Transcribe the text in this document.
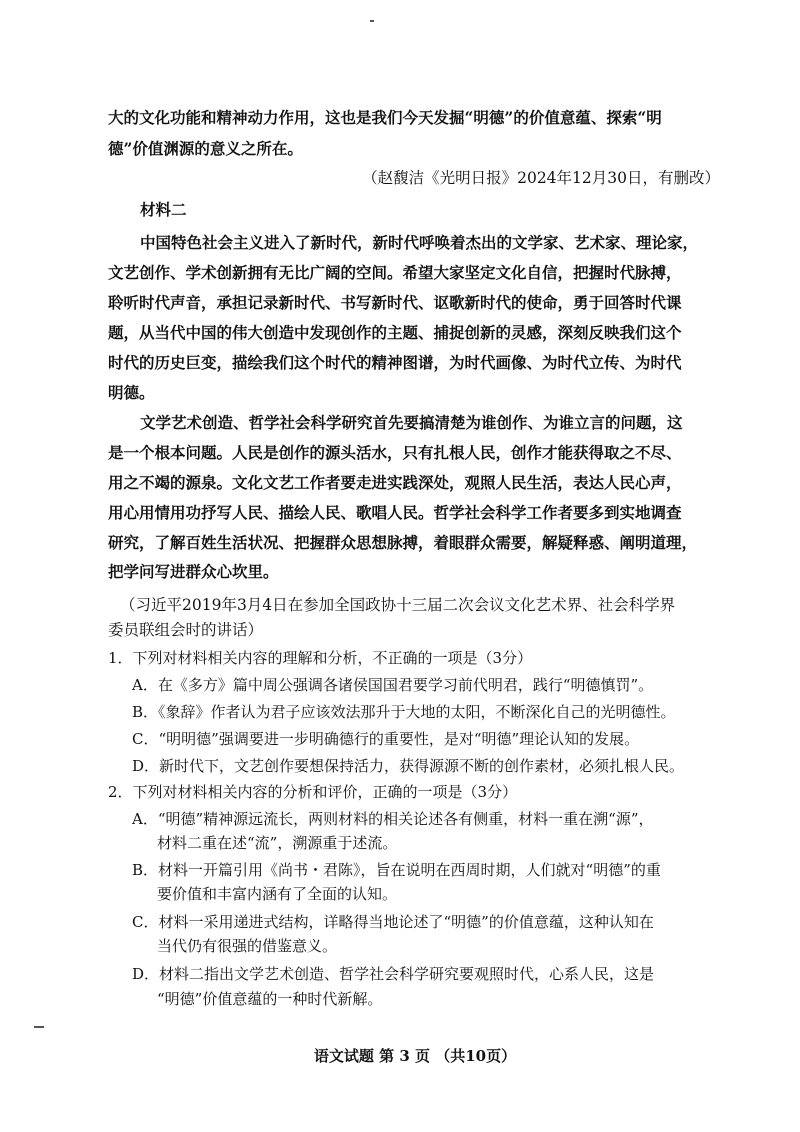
大的文化功能和精神动力作用，这也是我们今天发掘“明德”的价值意蕴、探索“明
德”价值渊源的意义之所在。
（赵馥洁《光明日报》2024年12月30日，有删改）
材料二
中国特色社会主义进入了新时代，新时代呼唤着杰出的文学家、艺术家、理论家，
文艺创作、学术创新拥有无比广阔的空间。希望大家坚定文化自信，把握时代脉搏，
聆听时代声音，承担记录新时代、书写新时代、讴歌新时代的使命，勇于回答时代课
题，从当代中国的伟大创造中发现创作的主题、捕捉创新的灵感，深刻反映我们这个
时代的历史巨变，描绘我们这个时代的精神图谱，为时代画像、为时代立传、为时代
明德。
文学艺术创造、哲学社会科学研究首先要搞清楚为谁创作、为谁立言的问题，这
是一个根本问题。人民是创作的源头活水，只有扎根人民，创作才能获得取之不尽、
用之不竭的源泉。文化文艺工作者要走进实践深处，观照人民生活，表达人民心声，
用心用情用功抒写人民、描绘人民、歌唱人民。哲学社会科学工作者要多到实地调查
研究，了解百姓生活状况、把握群众思想脉搏，着眼群众需要，解疑释惑、阐明道理，
把学问写进群众心坎里。
（习近平2019年3月4日在参加全国政协十三届二次会议文化艺术界、社会科学界
委员联组会时的讲话）
1．下列对材料相关内容的理解和分析，不正确的一项是（3分）
A．在《多方》篇中周公强调各诸侯国国君要学习前代明君，践行“明德慎罚”。
B．《象辞》作者认为君子应该效法那升于大地的太阳，不断深化自己的光明德性。
C．“明明德”强调要进一步明确德行的重要性，是对“明德”理论认知的发展。
D．新时代下，文艺创作要想保持活力，获得源源不断的创作素材，必须扎根人民。
2．下列对材料相关内容的分析和评价，正确的一项是（3分）
A．“明德”精神源远流长，两则材料的相关论述各有侧重，材料一重在溯“源”，
材料二重在述“流”，溯源重于述流。
B．材料一开篇引用《尚书・君陈》，旨在说明在西周时期，人们就对“明德”的重
要价值和丰富内涵有了全面的认知。
C．材料一采用递进式结构，详略得当地论述了“明德”的价值意蕴，这种认知在
当代仍有很强的借鉴意义。
D．材料二指出文学艺术创造、哲学社会科学研究要观照时代，心系人民，这是
“明德”价值意蕴的一种时代新解。
语文试题 第 3 页 （共10页）
